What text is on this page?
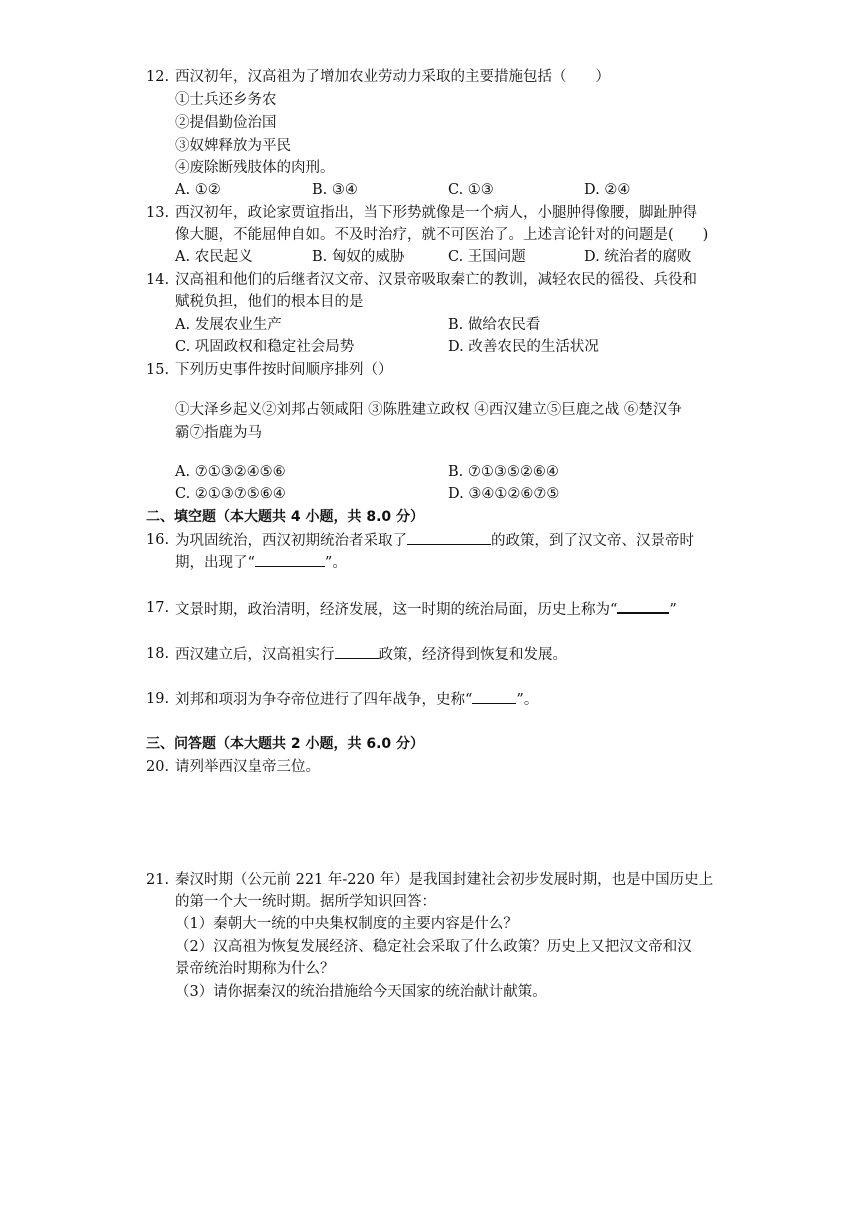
12. 西汉初年，汉高祖为了增加农业劳动力采取的主要措施包括（　　）
①士兵还乡务农
②提倡勤俭治国
③奴婢释放为平民
④废除断残肢体的肉刑。
A. ①②	B. ③④	C. ①③	D. ②④
13. 西汉初年，政论家贾谊指出，当下形势就像是一个病人，小腿肿得像腰，脚趾肿得
像大腿，不能屈伸自如。不及时治疗，就不可医治了。上述言论针对的问题是(　　)
A. 农民起义	B. 匈奴的威胁	C. 王国问题	D. 统治者的腐败
14. 汉高祖和他们的后继者汉文帝、汉景帝吸取秦亡的教训，减轻农民的徭役、兵役和
赋税负担，他们的根本目的是
A. 发展农业生产	B. 做给农民看
C. 巩固政权和稳定社会局势	D. 改善农民的生活状况
15. 下列历史事件按时间顺序排列（）
①大泽乡起义②刘邦占领咸阳 ③陈胜建立政权 ④西汉建立⑤巨鹿之战 ⑥楚汉争
霸⑦指鹿为马
A. ⑦①③②④⑤⑥	B. ⑦①③⑤②⑥④
C. ②①③⑦⑤⑥④	D. ③④①②⑥⑦⑤
二、填空题（本大题共 4 小题，共 8.0 分）
16. 为巩固统治，西汉初期统治者采取了	的政策，到了汉文帝、汉景帝时
期，出现了“	”。
17. 文景时期，政治清明，经济发展，这一时期的统治局面，历史上称为“	”
18. 西汉建立后，汉高祖实行	政策，经济得到恢复和发展。
19. 刘邦和项羽为争夺帝位进行了四年战争，史称“	”。
三、问答题（本大题共 2 小题，共 6.0 分）
20. 请列举西汉皇帝三位。
21. 秦汉时期（公元前 221 年-220 年）是我国封建社会初步发展时期，也是中国历史上
的第一个大一统时期。据所学知识回答：
（1）秦朝大一统的中央集权制度的主要内容是什么？
（2）汉高祖为恢复发展经济、稳定社会采取了什么政策？历史上又把汉文帝和汉
景帝统治时期称为什么？
（3）请你据秦汉的统治措施给今天国家的统治献计献策。
